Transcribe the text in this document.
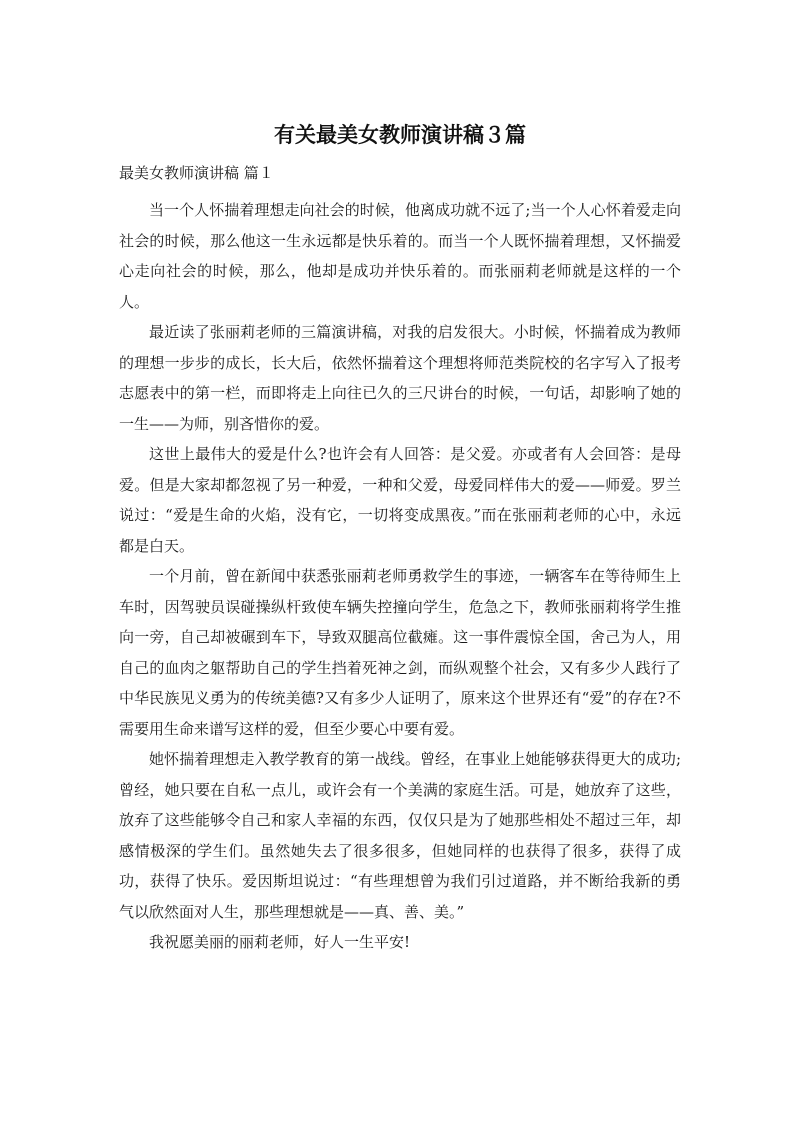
有关最美女教师演讲稿３篇
最美女教师演讲稿 篇１

当一个人怀揣着理想走向社会的时候，他离成功就不远了;当一个人心怀着爱走向社会的时候，那么他这一生永远都是快乐着的。而当一个人既怀揣着理想，又怀揣爱心走向社会的时候，那么，他却是成功并快乐着的。而张丽莉老师就是这样的一个人。

最近读了张丽莉老师的三篇演讲稿，对我的启发很大。小时候，怀揣着成为教师的理想一步步的成长，长大后，依然怀揣着这个理想将师范类院校的名字写入了报考志愿表中的第一栏，而即将走上向往已久的三尺讲台的时候，一句话，却影响了她的一生——为师，别吝惜你的爱。

这世上最伟大的爱是什么?也许会有人回答：是父爱。亦或者有人会回答：是母爱。但是大家却都忽视了另一种爱，一种和父爱，母爱同样伟大的爱——师爱。罗兰说过：“爱是生命的火焰，没有它，一切将变成黑夜。”而在张丽莉老师的心中，永远都是白天。

一个月前，曾在新闻中获悉张丽莉老师勇救学生的事迹，一辆客车在等待师生上车时，因驾驶员误碰操纵杆致使车辆失控撞向学生，危急之下，教师张丽莉将学生推向一旁，自己却被碾到车下，导致双腿高位截瘫。这一事件震惊全国，舍己为人，用自己的血肉之躯帮助自己的学生挡着死神之剑，而纵观整个社会，又有多少人践行了中华民族见义勇为的传统美德?又有多少人证明了，原来这个世界还有“爱”的存在?不需要用生命来谱写这样的爱，但至少要心中要有爱。

她怀揣着理想走入教学教育的第一战线。曾经，在事业上她能够获得更大的成功;曾经，她只要在自私一点儿，或许会有一个美满的家庭生活。可是，她放弃了这些，放弃了这些能够令自己和家人幸福的东西，仅仅只是为了她那些相处不超过三年，却感情极深的学生们。虽然她失去了很多很多，但她同样的也获得了很多，获得了成功，获得了快乐。爱因斯坦说过：“有些理想曾为我们引过道路，并不断给我新的勇气以欣然面对人生，那些理想就是——真、善、美。”

我祝愿美丽的丽莉老师，好人一生平安!
